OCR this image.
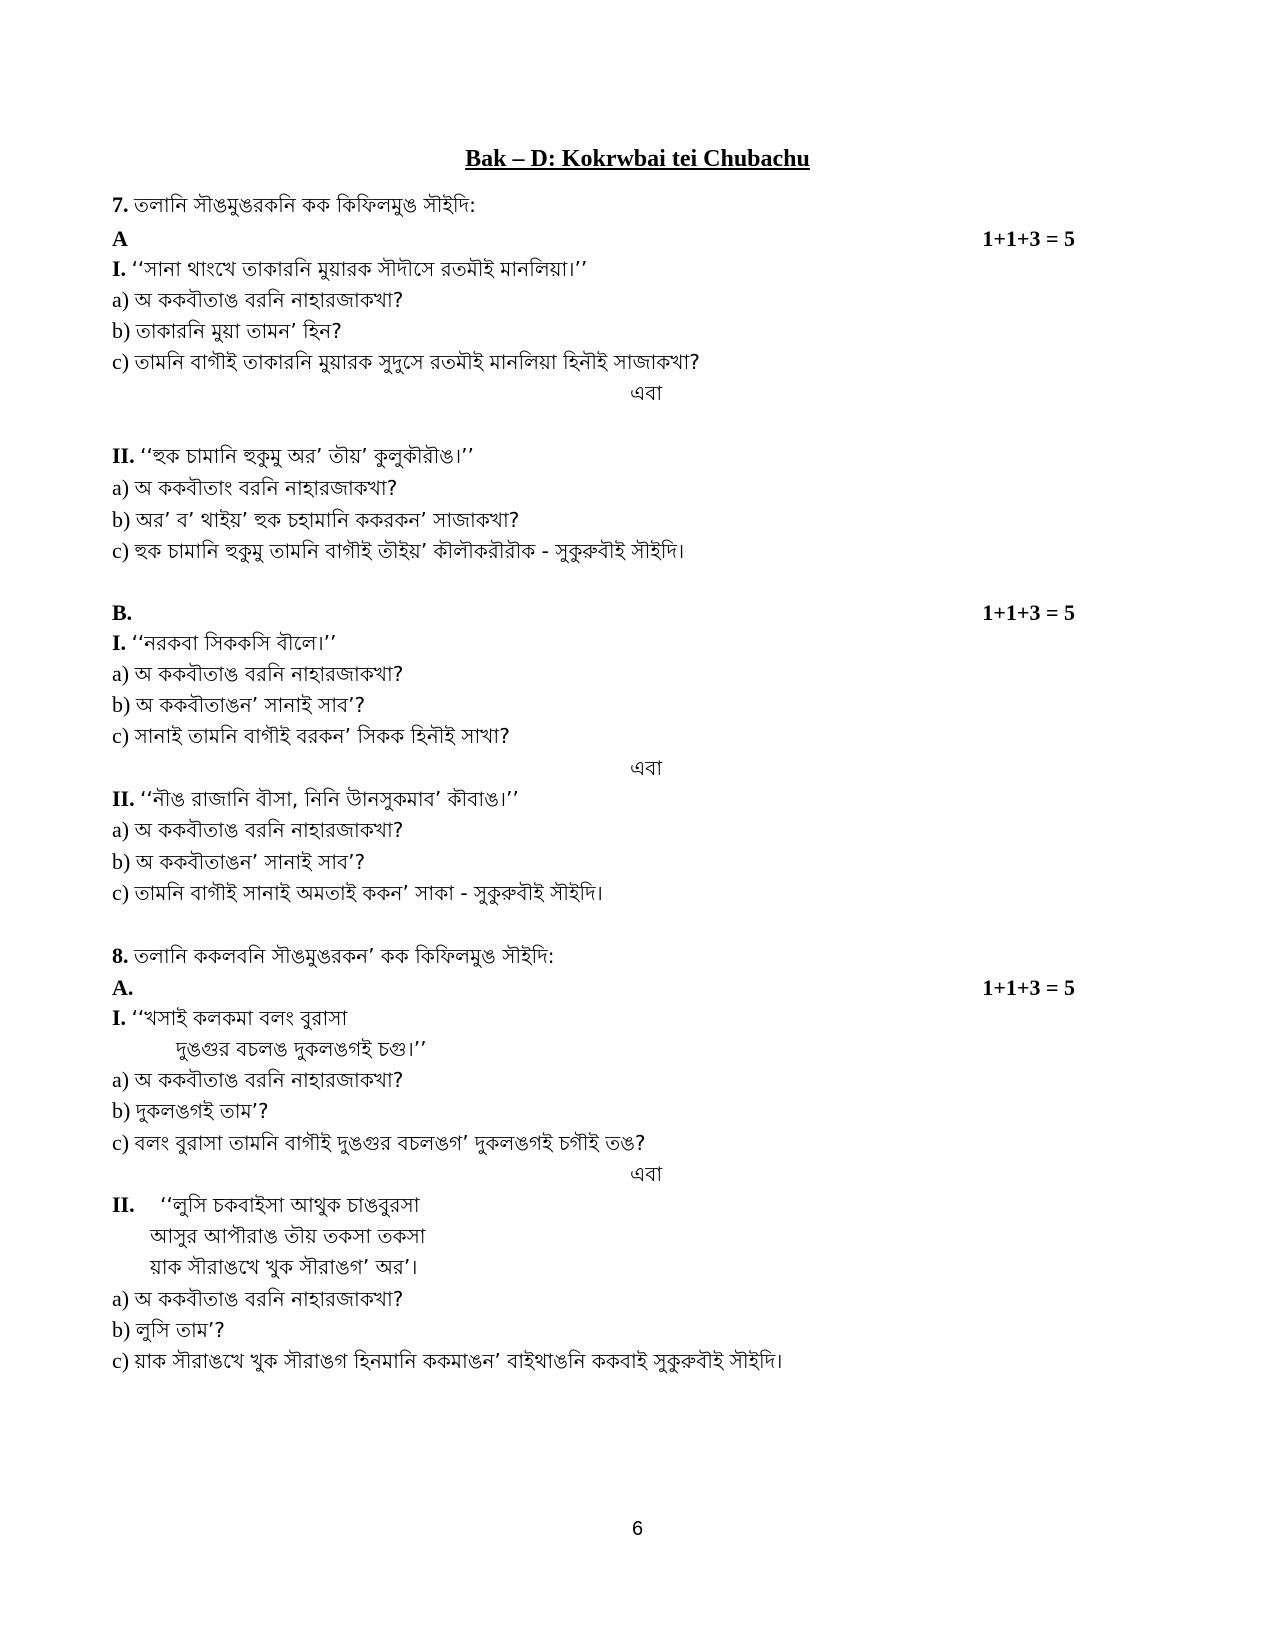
Bak – D: Kokrwbai tei Chubachu
7. তলানি সৗঙমুঙরকনি কক কিফিলমুঙ সৗইদি:
A	1+1+3 = 5
I. ‘‘সানা থাংখে তাকারনি মুয়ারক সৗদৗসে রতমৗই মানলিয়া।’’
a) অ ককবৗতাঙ বরনি নাহারজাকখা?
b) তাকারনি মুয়া তামন’ হিন?
c) তামনি বাগৗই তাকারনি মুয়ারক সুদুসে রতমৗই মানলিয়া হিনৗই সাজাকখা?
এবা
II. ‘‘হুক চামানি হুকুমু অর’ তৗয়’ কুলুকৗরৗঙ।’’
a) অ ককবৗতাং বরনি নাহারজাকখা?
b) অর’ ব’ থাইয়’ হুক চহামানি ককরকন’ সাজাকখা?
c) হুক চামানি হুকুমু তামনি বাগৗই তৗইয়’ কৗলৗকরৗরৗক - সুকুরুবৗই সৗইদি।
B.	1+1+3 = 5
I. ‘‘নরকবা সিককসি বৗলে।’’
a) অ ককবৗতাঙ বরনি নাহারজাকখা?
b) অ ককবৗতাঙন’ সানাই সাব’?
c) সানাই তামনি বাগৗই বরকন’ সিকক হিনৗই সাখা?
এবা
II. ‘‘নৗঙ রাজানি বৗসা, নিনি উানসুকমাব’ কৗবাঙ।’’
a) অ ককবৗতাঙ বরনি নাহারজাকখা?
b) অ ককবৗতাঙন’ সানাই সাব’?
c) তামনি বাগৗই সানাই অমতাই ককন’ সাকা - সুকুরুবৗই সৗইদি।
8. তলানি ককলবনি সৗঙমুঙরকন’ কক কিফিলমুঙ সৗইদি:
A.	1+1+3 = 5
I. ‘‘খসাই কলকমা বলং বুরাসা
দুঙগুর বচলঙ দুকলঙগই চগু।’’
a) অ ককবৗতাঙ বরনি নাহারজাকখা?
b) দুকলঙগই তাম’?
c) বলং বুরাসা তামনি বাগৗই দুঙগুর বচলঙগ’ দুকলঙগই চগৗই তঙ?
এবা
II. ‘‘লুসি চকবাইসা আথুক চাঙবুরসা
আসুর আপৗরাঙ তৗয় তকসা তকসা
য়াক সৗরাঙখে খুক সৗরাঙগ’ অর’।
a) অ ককবৗতাঙ বরনি নাহারজাকখা?
b) লুসি তাম’?
c) য়াক সৗরাঙখে খুক সৗরাঙগ হিনমানি ককমাঙন’ বাইথাঙনি ককবাই সুকুরুবৗই সৗইদি।
6
